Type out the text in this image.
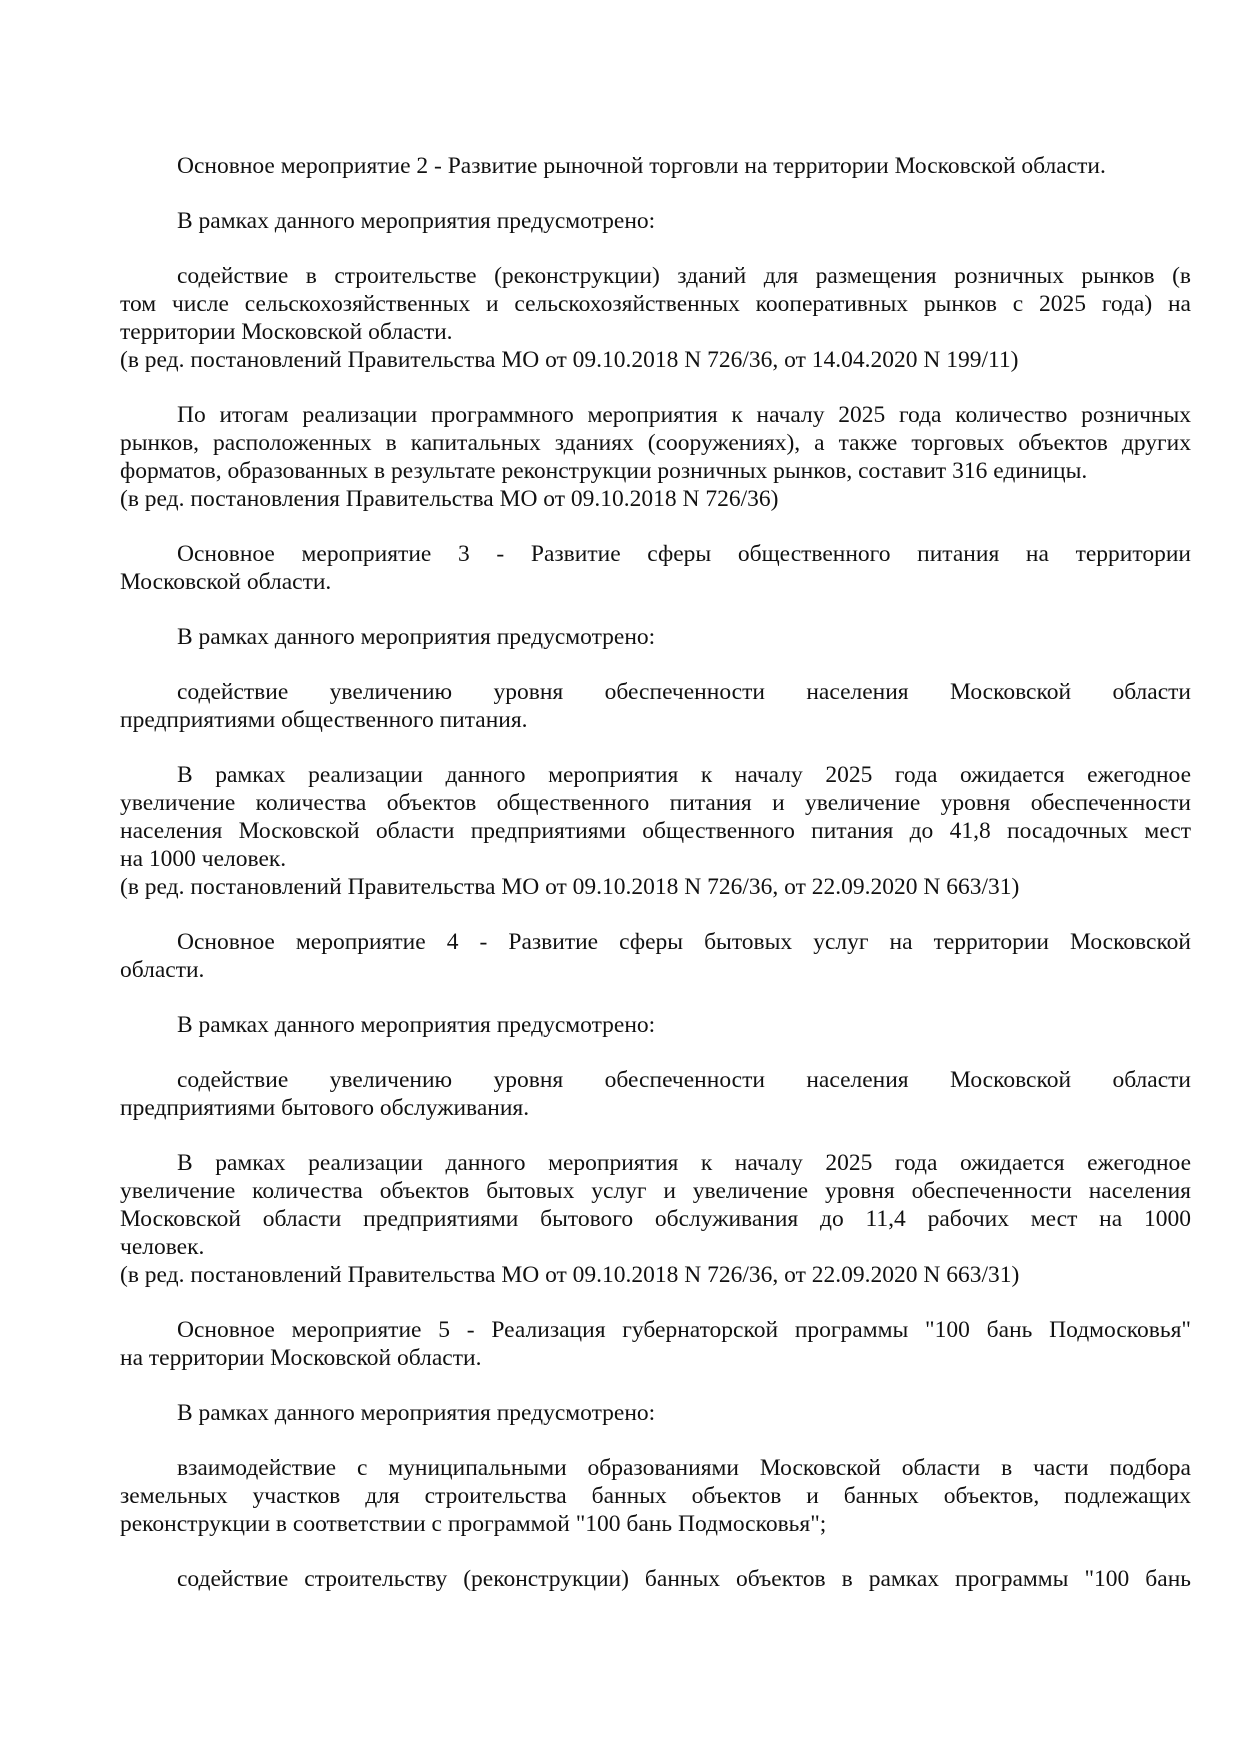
Основное мероприятие 2 - Развитие рыночной торговли на территории Московской области.
В рамках данного мероприятия предусмотрено:
содействие в строительстве (реконструкции) зданий для размещения розничных рынков (в
том числе сельскохозяйственных и сельскохозяйственных кооперативных рынков с 2025 года) на
территории Московской области.
(в ред. постановлений Правительства МО от 09.10.2018 N 726/36, от 14.04.2020 N 199/11)
По итогам реализации программного мероприятия к началу 2025 года количество розничных
рынков, расположенных в капитальных зданиях (сооружениях), а также торговых объектов других
форматов, образованных в результате реконструкции розничных рынков, составит 316 единицы.
(в ред. постановления Правительства МО от 09.10.2018 N 726/36)
Основное мероприятие 3 - Развитие сферы общественного питания на территории
Московской области.
В рамках данного мероприятия предусмотрено:
содействие увеличению уровня обеспеченности населения Московской области
предприятиями общественного питания.
В рамках реализации данного мероприятия к началу 2025 года ожидается ежегодное
увеличение количества объектов общественного питания и увеличение уровня обеспеченности
населения Московской области предприятиями общественного питания до 41,8 посадочных мест
на 1000 человек.
(в ред. постановлений Правительства МО от 09.10.2018 N 726/36, от 22.09.2020 N 663/31)
Основное мероприятие 4 - Развитие сферы бытовых услуг на территории Московской
области.
В рамках данного мероприятия предусмотрено:
содействие увеличению уровня обеспеченности населения Московской области
предприятиями бытового обслуживания.
В рамках реализации данного мероприятия к началу 2025 года ожидается ежегодное
увеличение количества объектов бытовых услуг и увеличение уровня обеспеченности населения
Московской области предприятиями бытового обслуживания до 11,4 рабочих мест на 1000
человек.
(в ред. постановлений Правительства МО от 09.10.2018 N 726/36, от 22.09.2020 N 663/31)
Основное мероприятие 5 - Реализация губернаторской программы "100 бань Подмосковья"
на территории Московской области.
В рамках данного мероприятия предусмотрено:
взаимодействие с муниципальными образованиями Московской области в части подбора
земельных участков для строительства банных объектов и банных объектов, подлежащих
реконструкции в соответствии с программой "100 бань Подмосковья";
содействие строительству (реконструкции) банных объектов в рамках программы "100 бань
